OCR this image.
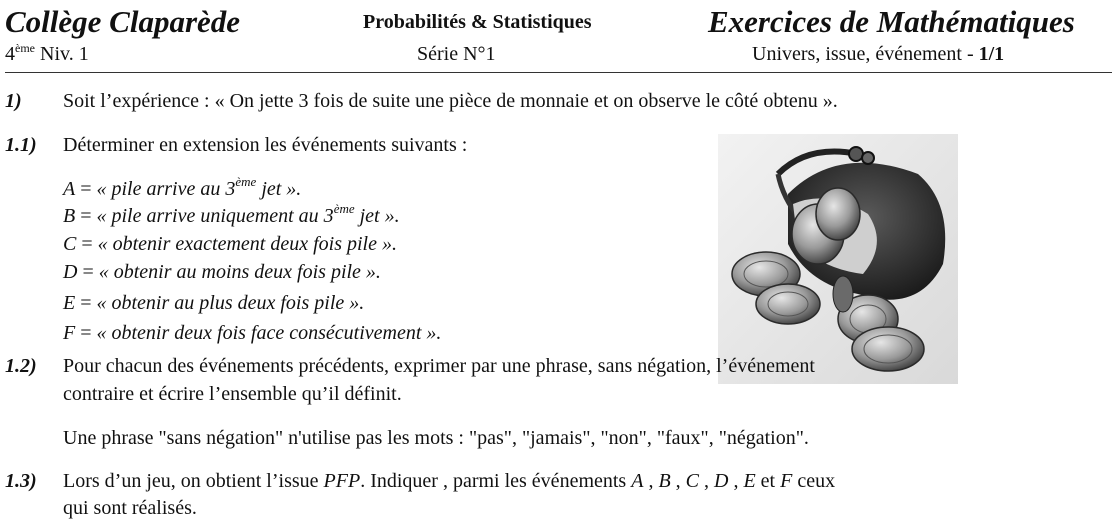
Collège Claparède	Probabilités & Statistiques	Exercices de Mathématiques
4ème Niv. 1	Série N°1	Univers, issue, événement - 1/1
1) Soit l’expérience : « On jette 3 fois de suite une pièce de monnaie et on observe le côté obtenu ».
1.1) Déterminer en extension les événements suivants :
A = « pile arrive au 3ème jet ».
B = « pile arrive uniquement au 3ème jet ».
C = « obtenir exactement deux fois pile ».
D = « obtenir au moins deux fois pile ».
E = « obtenir au plus deux fois pile ».
F = « obtenir deux fois face consécutivement ».
1.2) Pour chacun des événements précédents, exprimer par une phrase, sans négation, l’événement
contraire et écrire l’ensemble qu’il définit.
Une phrase "sans négation" n'utilise pas les mots : "pas", "jamais", "non", "faux", "négation".
1.3) Lors d’un jeu, on obtient l’issue PFP. Indiquer , parmi les événements A , B , C , D , E et F ceux
qui sont réalisés.
